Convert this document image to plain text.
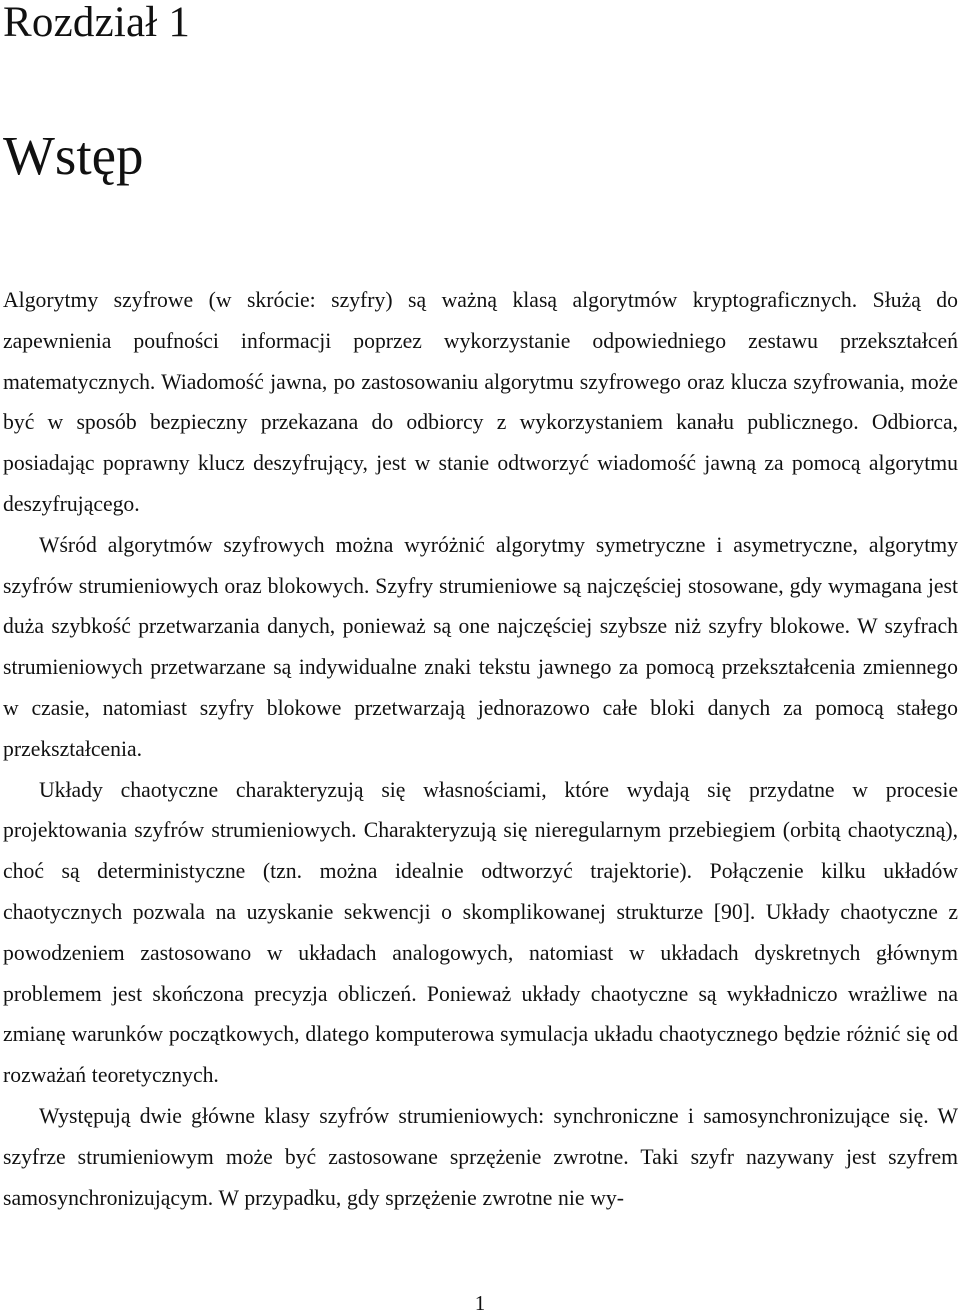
Rozdział 1
Wstęp

Algorytmy szyfrowe (w skrócie: szyfry) są ważną klasą algorytmów kryptograficznych. Służą do zapewnienia poufności informacji poprzez wykorzystanie odpowiedniego zestawu przekształceń matematycznych. Wiadomość jawna, po zastosowaniu algorytmu szyfrowego oraz klucza szyfrowania, może być w sposób bezpieczny przekazana do odbiorcy z wykorzystaniem kanału publicznego. Odbiorca, posiadając poprawny klucz deszyfrujący, jest w stanie odtworzyć wiadomość jawną za pomocą algorytmu deszyfrującego.

Wśród algorytmów szyfrowych można wyróżnić algorytmy symetryczne i asymetryczne, algorytmy szyfrów strumieniowych oraz blokowych. Szyfry strumieniowe są najczęściej stosowane, gdy wymagana jest duża szybkość przetwarzania danych, ponieważ są one najczęściej szybsze niż szyfry blokowe. W szyfrach strumieniowych przetwarzane są indywidualne znaki tekstu jawnego za pomocą przekształcenia zmiennego w czasie, natomiast szyfry blokowe przetwarzają jednorazowo całe bloki danych za pomocą stałego przekształcenia.

Układy chaotyczne charakteryzują się własnościami, które wydają się przydatne w procesie projektowania szyfrów strumieniowych. Charakteryzują się nieregularnym przebiegiem (orbitą chaotyczną), choć są deterministyczne (tzn. można idealnie odtworzyć trajektorie). Połączenie kilku układów chaotycznych pozwala na uzyskanie sekwencji o skomplikowanej strukturze [90]. Układy chaotyczne z powodzeniem zastosowano w układach analogowych, natomiast w układach dyskretnych głównym problemem jest skończona precyzja obliczeń. Ponieważ układy chaotyczne są wykładniczo wrażliwe na zmianę warunków początkowych, dlatego komputerowa symulacja układu chaotycznego będzie różnić się od rozważań teoretycznych.

Występują dwie główne klasy szyfrów strumieniowych: synchroniczne i samosynchronizujące się. W szyfrze strumieniowym może być zastosowane sprzężenie zwrotne. Taki szyfr nazywany jest szyfrem samosynchronizującym. W przypadku, gdy sprzężenie zwrotne nie wy-

1
